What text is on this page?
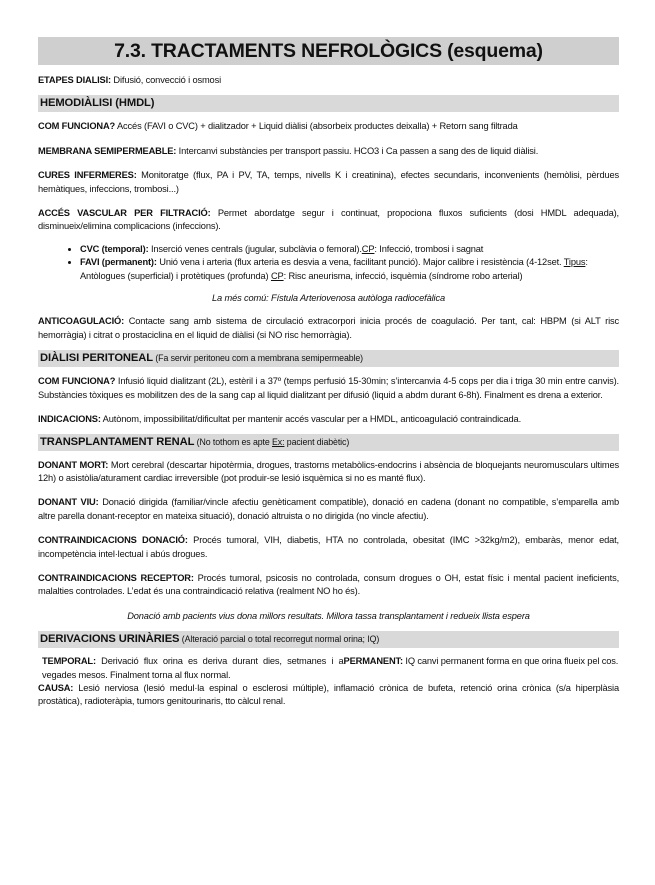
7.3. TRACTAMENTS NEFROLÒGICS (esquema)

ETAPES DIALISI: Difusió, convecció i osmosi

HEMODIÀLISI (HMDL)

COM FUNCIONA? Accés (FAVI o CVC) + dialitzador + Liquid diàlisi (absorbeix productes deixalla) + Retorn sang filtrada

MEMBRANA SEMIPERMEABLE: Intercanvi substàncies per transport passiu. HCO3 i Ca passen a sang des de liquid diàlisi.

CURES INFERMERES: Monitoratge (flux, PA i PV, TA, temps, nivells K i creatinina), efectes secundaris, inconvenients (hemòlisi, pèrdues hemàtiques, infeccions, trombosi...)

ACCÉS VASCULAR PER FILTRACIÓ: Permet abordatge segur i continuat, propociona fluxos suficients (dosi HMDL adequada), disminueix/elimina complicacions (infeccions).

• CVC (temporal): Inserció venes centrals (jugular, subclàvia o femoral).CP: Infecció, trombosi i sagnat
• FAVI (permanent): Unió vena i arteria (flux arteria es desvia a vena, facilitant punció). Major calibre i resistència (4-12set. Tipus: Antòlogues (superficial) i protètiques (profunda) CP: Risc aneurisma, infecció, isquèmia (síndrome robo arterial)

La més comú: Fístula Arteriovenosa autòloga radiocefàlica

ANTICOAGULACIÓ: Contacte sang amb sistema de circulació extracorpori inicia procés de coagulació. Per tant, cal: HBPM (si ALT risc hemorràgia) i citrat o prostaciclina en el liquid de diàlisi (si NO risc hemorràgia).

DIÀLISI PERITONEAL (Fa servir peritoneu com a membrana semipermeable)

COM FUNCIONA? Infusió liquid dialitzant (2L), estèril i a 37º (temps perfusió 15-30min; s’intercanvia 4-5 cops per dia i triga 30 min entre canvis). Substàncies tòxiques es mobilitzen des de la sang cap al liquid dialitzant per difusió (liquid a abdm durant 6-8h). Finalment es drena a exterior.

INDICACIONS: Autònom, impossibilitat/dificultat per mantenir accés vascular per a HMDL, anticoagulació contraindicada.

TRANSPLANTAMENT RENAL (No tothom es apte Ex: pacient diabètic)

DONANT MORT: Mort cerebral (descartar hipotèrmia, drogues, trastorns metabòlics-endocrins i absència de bloquejants neuromusculars ultimes 12h) o asistòlia/aturament cardiac irreversible (pot produir-se lesió isquèmica si no es manté flux).

DONANT VIU: Donació dirigida (familiar/vincle afectiu genèticament compatible), donació en cadena (donant no compatible, s’emparella amb altre parella donant-receptor en mateixa situació), donació altruista o no dirigida (no vincle afectiu).

CONTRAINDICACIONS DONACIÓ: Procés tumoral, VIH, diabetis, HTA no controlada, obesitat (IMC >32kg/m2), embaràs, menor edat, incompetència intel·lectual i abús drogues.

CONTRAINDICACIONS RECEPTOR: Procés tumoral, psicosis no controlada, consum drogues o OH, estat físic i mental pacient ineficients, malalties controlades. L’edat és una contraindicació relativa (realment NO ho és).

Donació amb pacients vius dona millors resultats. Millora tassa transplantament i redueix llista espera

DERIVACIONS URINÀRIES (Alteració parcial o total recorregut normal orina; IQ)

TEMPORAL: Derivació flux orina es deriva durant dies, setmanes i a vegades mesos. Finalment torna al flux normal.

PERMANENT: IQ canvi permanent forma en que orina flueix pel cos.

CAUSA: Lesió nerviosa (lesió medul·la espinal o esclerosi múltiple), inflamació crònica de bufeta, retenció orina crònica (s/a hiperplàsia prostàtica), radioteràpia, tumors genitourinaris, tto càlcul renal.
